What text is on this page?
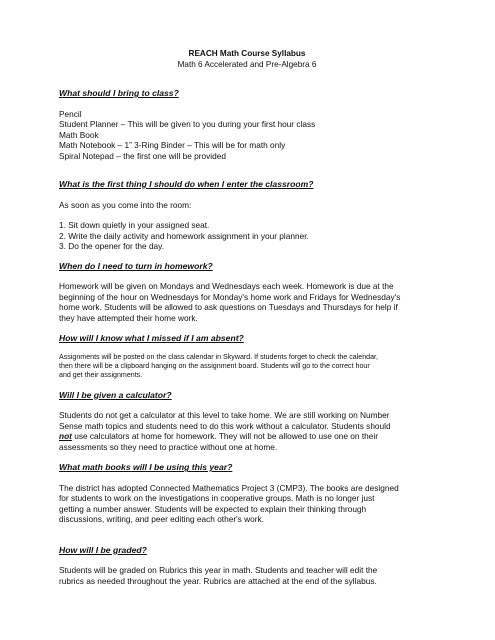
REACH Math Course Syllabus
Math 6 Accelerated and Pre-Algebra 6

What should I bring to class?

Pencil

Student Planner – This will be given to you during your first hour class

Math Book

Math Notebook – 1” 3-Ring Binder – This will be for math only

Spiral Notepad – the first one will be provided

What is the first thing I should do when I enter the classroom?

As soon as you come into the room:

1. Sit down quietly in your assigned seat.
2. Write the daily activity and homework assignment in your planner.
3. Do the opener for the day.

When do I need to turn in homework?

Homework will be given on Mondays and Wednesdays each week. Homework is due at the

beginning of the hour on Wednesdays for Monday's home work and Fridays for Wednesday's

home work. Students will be allowed to ask questions on Tuesdays and Thursdays for help if

they have attempted their home work.

How will I know what I missed if I am absent?

Assignments will be posted on the class calendar in Skyward. If students forget to check the calendar,

then there will be a clipboard hanging on the assignment board. Students will go to the correct hour

and get their assignments.

Will I be given a calculator?

Students do not get a calculator at this level to take home. We are still working on Number

Sense math topics and students need to do this work without a calculator. Students should

not use calculators at home for homework. They will not be allowed to use one on their

assessments so they need to practice without one at home.

What math books will I be using this year?

The district has adopted Connected Mathematics Project 3 (CMP3). The books are designed

for students to work on the investigations in cooperative groups. Math is no longer just

getting a number answer. Students will be expected to explain their thinking through

discussions, writing, and peer editing each other's work.

How will I be graded?

Students will be graded on Rubrics this year in math. Students and teacher will edit the

rubrics as needed throughout the year. Rubrics are attached at the end of the syllabus.
